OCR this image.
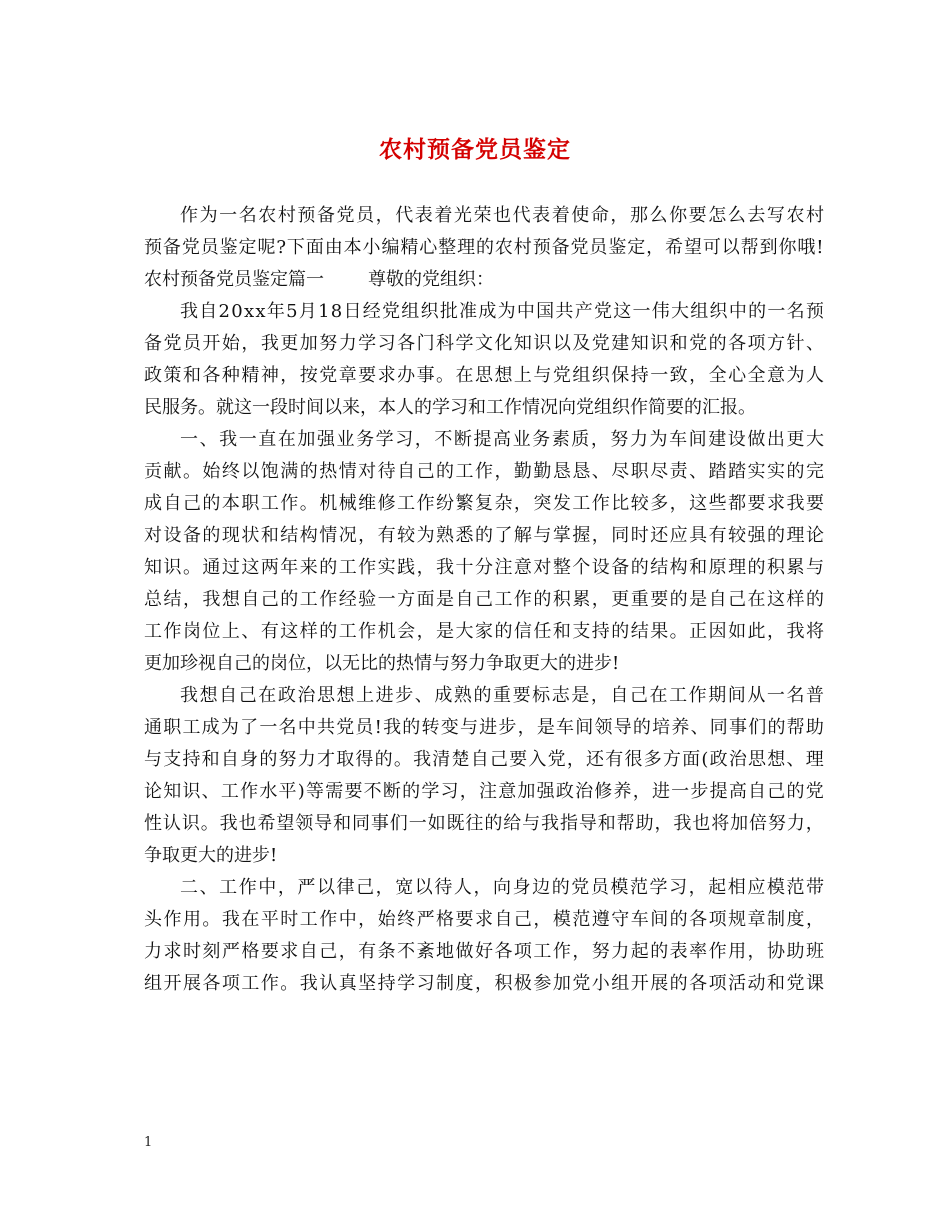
农村预备党员鉴定
作 为 一 名 农 村 预 备 党 员 ， 代 表 着 光 荣 也 代 表 着 使 命 ， 那 么 你 要 怎 么 去 写 农 村
预 备 党 员 鉴 定 呢 ? 下 面 由 本 小 编 精 心 整 理 的 农 村 预 备 党 员 鉴 定 ， 希 望 可 以 帮 到 你 哦 !
农村预备党员鉴定篇一 尊敬的党组织：
我 自 2 0 x x 年 5 月 1 8 日 经 党 组 织 批 准 成 为 中 国 共 产 党 这 一 伟 大 组 织 中 的 一 名 预
备 党 员 开 始 ， 我 更 加 努 力 学 习 各 门 科 学 文 化 知 识 以 及 党 建 知 识 和 党 的 各 项 方 针 、
政 策 和 各 种 精 神 ， 按 党 章 要 求 办 事 。 在 思 想 上 与 党 组 织 保 持 一 致 ， 全 心 全 意 为 人
民服务。就这一段时间以来，本人的学习和工作情况向党组织作简要的汇报。
一 、 我 一 直 在 加 强 业 务 学 习 ， 不 断 提 高 业 务 素 质 ， 努 力 为 车 间 建 设 做 出 更 大
贡 献 。 始 终 以 饱 满 的 热 情 对 待 自 己 的 工 作 ， 勤 勤 恳 恳 、 尽 职 尽 责 、 踏 踏 实 实 的 完
成 自 己 的 本 职 工 作 。 机 械 维 修 工 作 纷 繁 复 杂 ， 突 发 工 作 比 较 多 ， 这 些 都 要 求 我 要
对 设 备 的 现 状 和 结 构 情 况 ， 有 较 为 熟 悉 的 了 解 与 掌 握 ， 同 时 还 应 具 有 较 强 的 理 论
知 识 。 通 过 这 两 年 来 的 工 作 实 践 ， 我 十 分 注 意 对 整 个 设 备 的 结 构 和 原 理 的 积 累 与
总 结 ， 我 想 自 己 的 工 作 经 验 一 方 面 是 自 己 工 作 的 积 累 ， 更 重 要 的 是 自 己 在 这 样 的
工 作 岗 位 上 、 有 这 样 的 工 作 机 会 ， 是 大 家 的 信 任 和 支 持 的 结 果 。 正 因 如 此 ， 我 将
更加珍视自己的岗位，以无比的热情与努力争取更大的进步!
我 想 自 己 在 政 治 思 想 上 进 步 、 成 熟 的 重 要 标 志 是 ， 自 己 在 工 作 期 间 从 一 名 普
通 职 工 成 为 了 一 名 中 共 党 员 ! 我 的 转 变 与 进 步 ， 是 车 间 领 导 的 培 养 、 同 事 们 的 帮 助
与 支 持 和 自 身 的 努 力 才 取 得 的 。 我 清 楚 自 己 要 入 党 ， 还 有 很 多 方 面 ( 政 治 思 想 、 理
论 知 识 、 工 作 水 平 ) 等 需 要 不 断 的 学 习 ， 注 意 加 强 政 治 修 养 ， 进 一 步 提 高 自 己 的 党
性 认 识 。 我 也 希 望 领 导 和 同 事 们 一 如 既 往 的 给 与 我 指 导 和 帮 助 ， 我 也 将 加 倍 努 力 ，
争取更大的进步!
二 、 工 作 中 ， 严 以 律 己 ， 宽 以 待 人 ， 向 身 边 的 党 员 模 范 学 习 ， 起 相 应 模 范 带
头 作 用 。 我 在 平 时 工 作 中 ， 始 终 严 格 要 求 自 己 ， 模 范 遵 守 车 间 的 各 项 规 章 制 度 ，
力 求 时 刻 严 格 要 求 自 己 ， 有 条 不 紊 地 做 好 各 项 工 作 ， 努 力 起 的 表 率 作 用 ， 协 助 班
组 开 展 各 项 工 作 。 我 认 真 坚 持 学 习 制 度 ， 积 极 参 加 党 小 组 开 展 的 各 项 活 动 和 党 课
1
